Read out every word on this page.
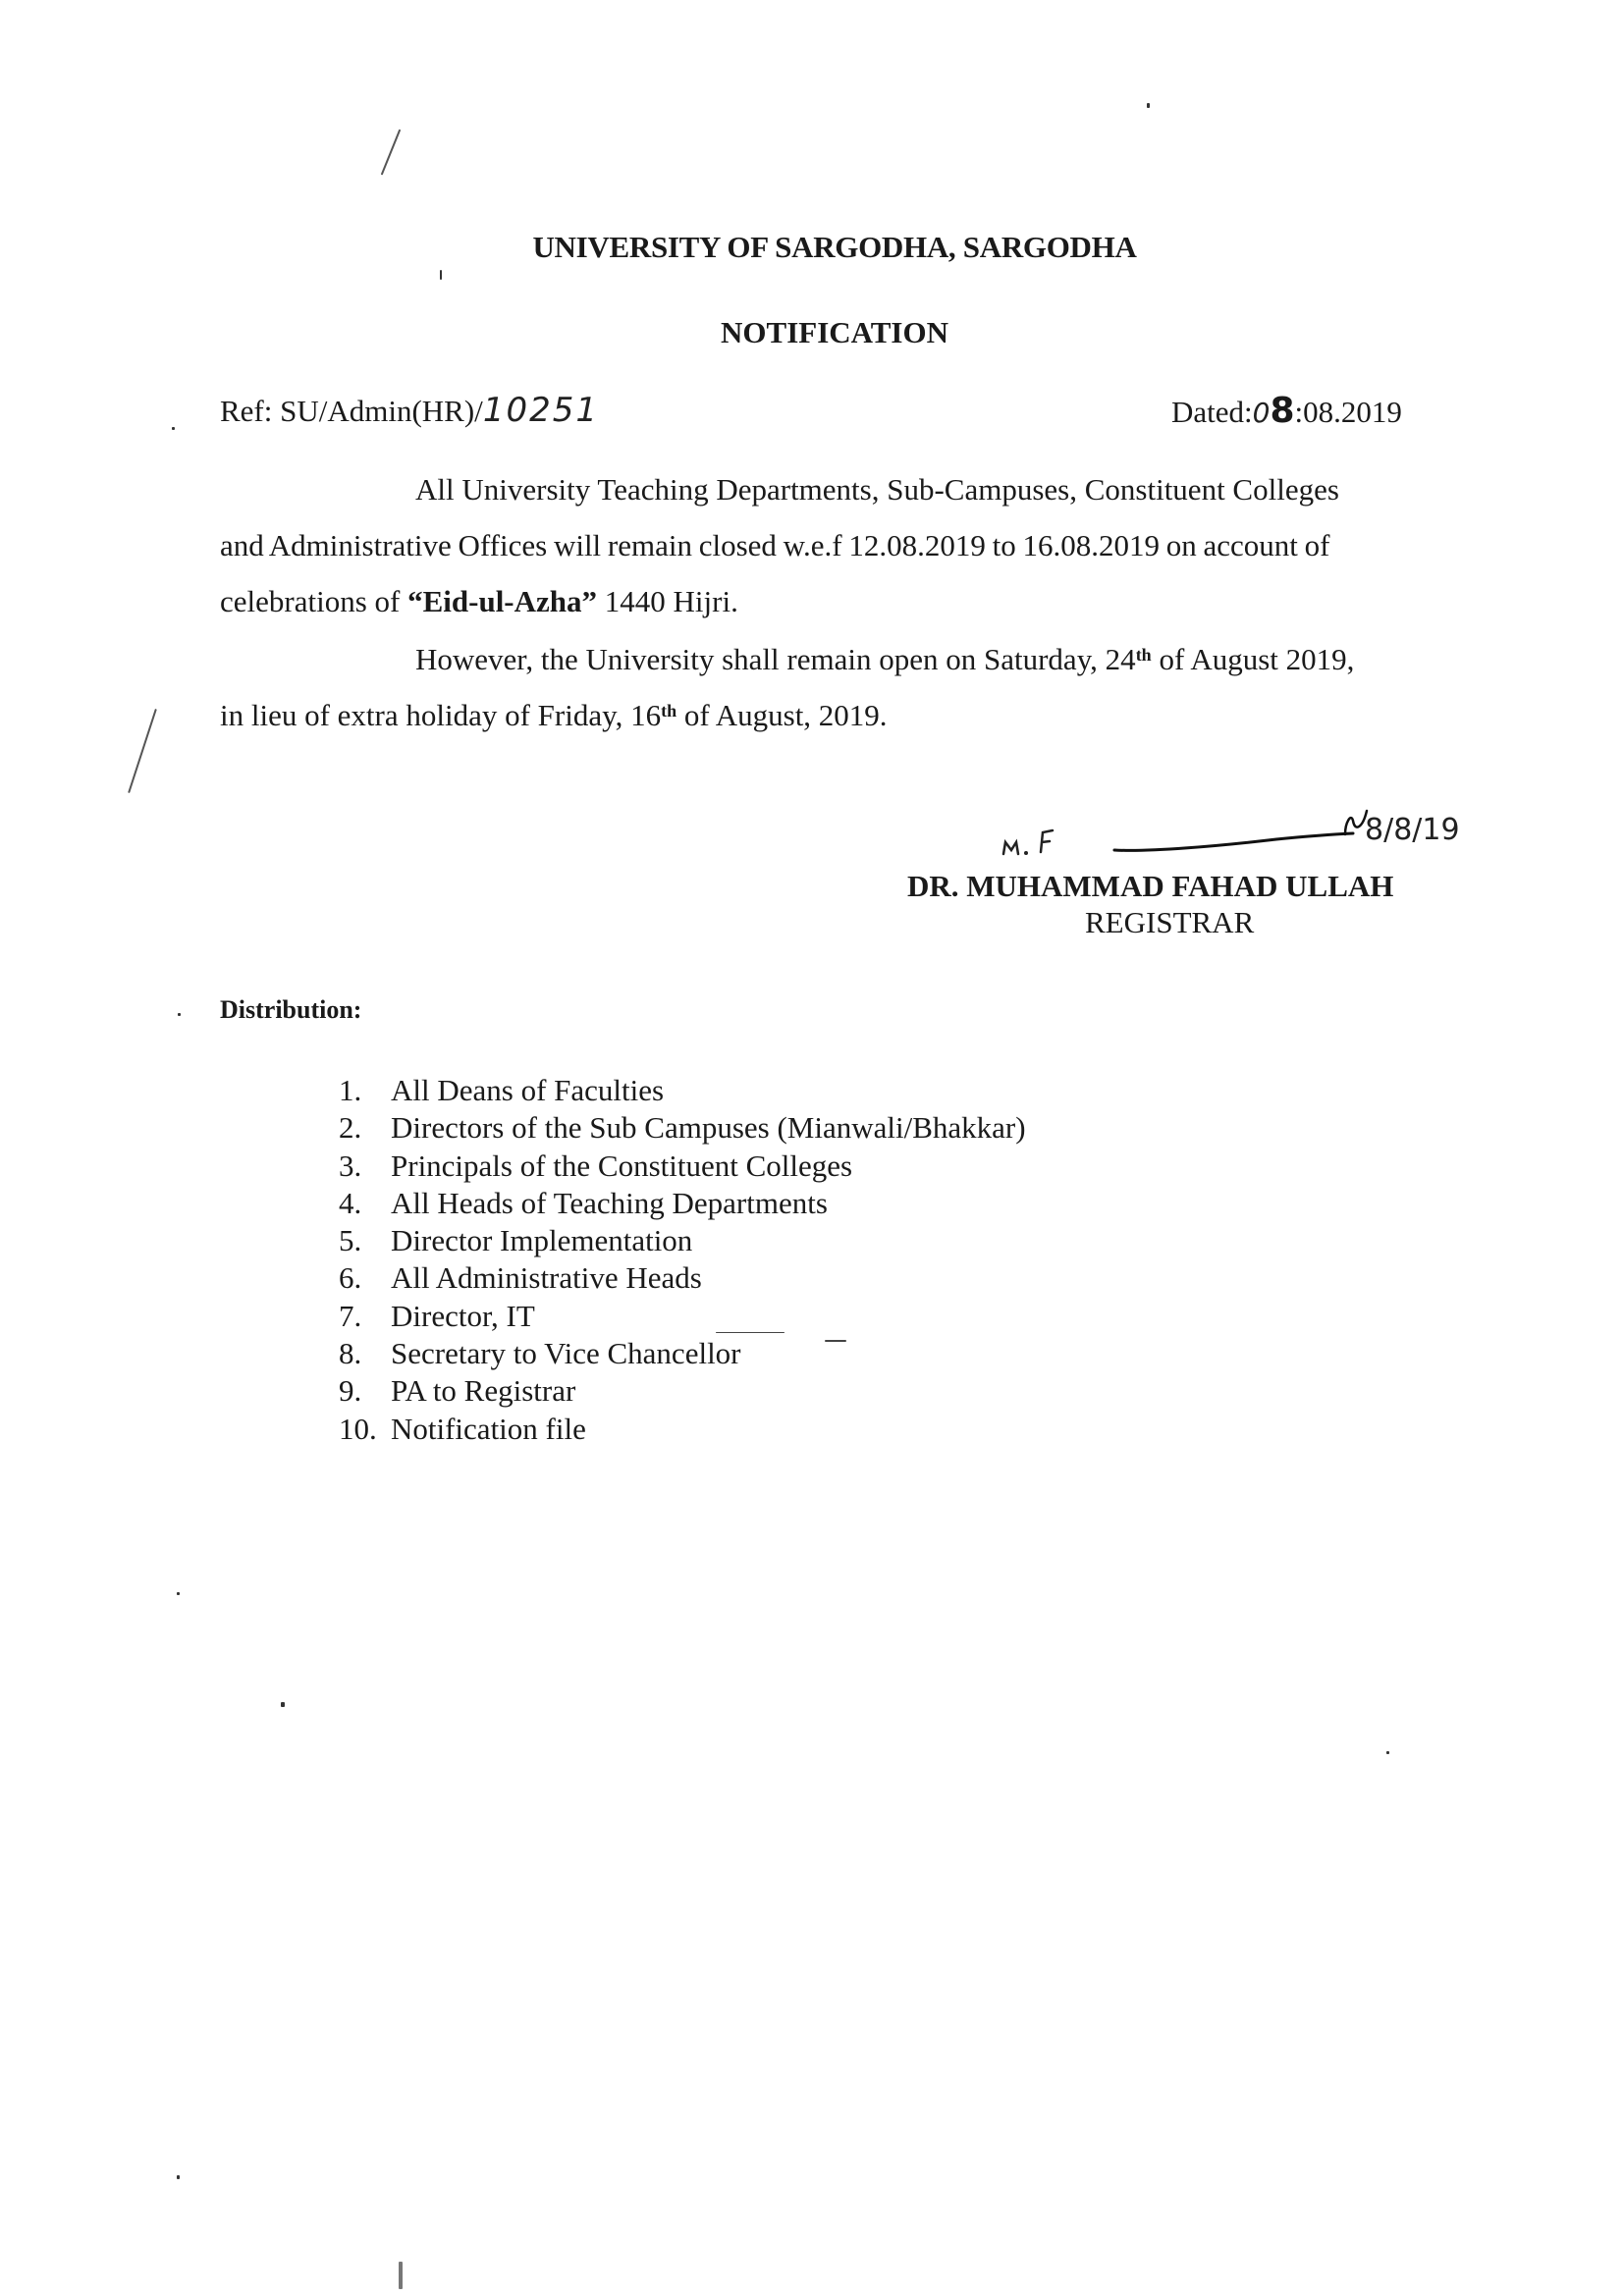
UNIVERSITY OF SARGODHA, SARGODHA
NOTIFICATION
Ref: SU/Admin(HR)/10251	Dated:08:08.2019
All University Teaching Departments, Sub-Campuses, Constituent Colleges
and Administrative Offices will remain closed w.e.f 12.08.2019 to 16.08.2019 on account of
celebrations of “Eid-ul-Azha” 1440 Hijri.
However, the University shall remain open on Saturday, 24th of August 2019,
in lieu of extra holiday of Friday, 16th of August, 2019.
8/8/19
DR. MUHAMMAD FAHAD ULLAH
REGISTRAR
Distribution:
1. All Deans of Faculties
2. Directors of the Sub Campuses (Mianwali/Bhakkar)
3. Principals of the Constituent Colleges
4. All Heads of Teaching Departments
5. Director Implementation
6. All Administrative Heads
7. Director, IT
8. Secretary to Vice Chancellor
9. PA to Registrar
10. Notification file
